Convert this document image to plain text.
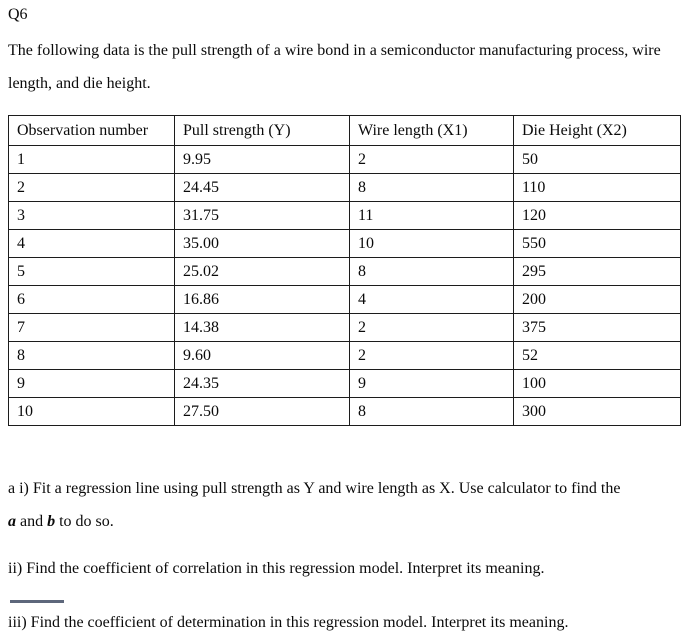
Q6

The following data is the pull strength of a wire bond in a semiconductor manufacturing process, wire length, and die height.

Observation number	Pull strength (Y)	Wire length (X1)	Die Height (X2)
1	9.95	2	50
2	24.45	8	110
3	31.75	11	120
4	35.00	10	550
5	25.02	8	295
6	16.86	4	200
7	14.38	2	375
8	9.60	2	52
9	24.35	9	100
10	27.50	8	300
a i) Fit a regression line using pull strength as Y and wire length as X. Use calculator to find the
a and b to do so.
ii) Find the coefficient of correlation in this regression model. Interpret its meaning.
iii) Find the coefficient of determination in this regression model. Interpret its meaning.
